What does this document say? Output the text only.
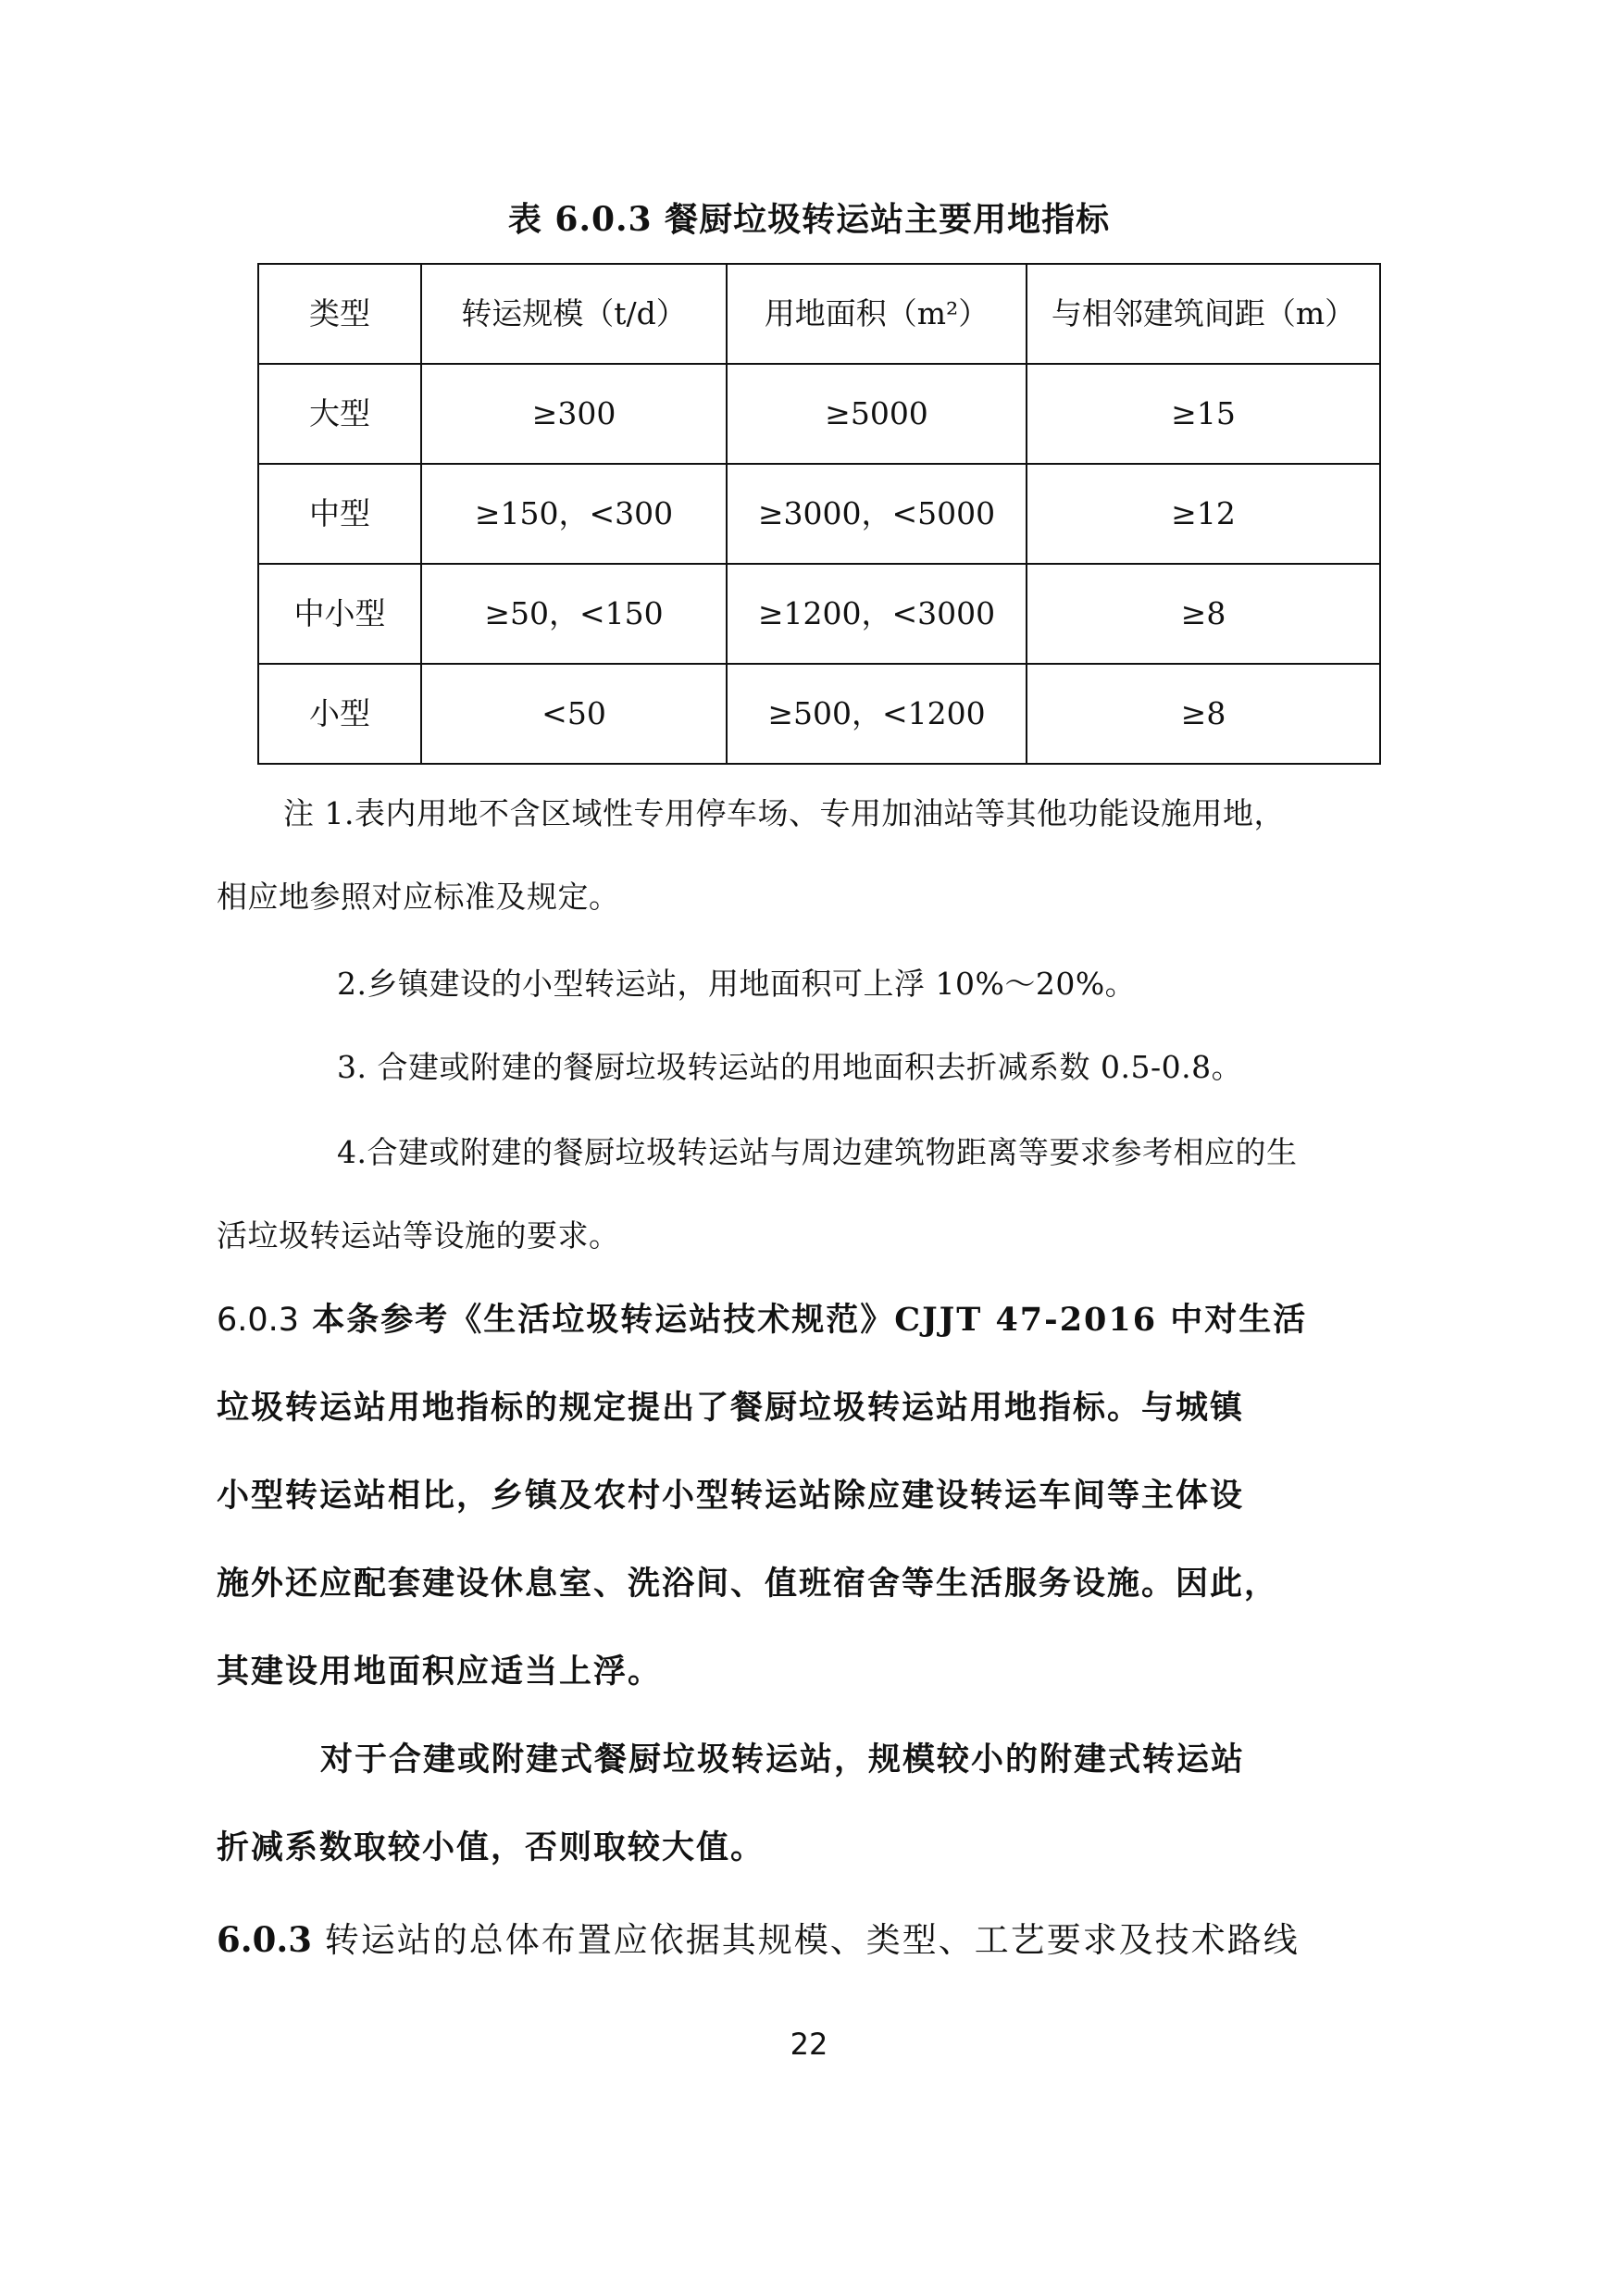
表 6.0.3 餐厨垃圾转运站主要用地指标
类型	转运规模（t/d）	用地面积（m²）	与相邻建筑间距（m）
大型	≥300	≥5000	≥15
中型	≥150，<300	≥3000，<5000	≥12
中小型	≥50，<150	≥1200，<3000	≥8
小型	<50	≥500，<1200	≥8
注 1.表内用地不含区域性专用停车场、专用加油站等其他功能设施用地，
相应地参照对应标准及规定。
2.乡镇建设的小型转运站，用地面积可上浮 10%～20%。
3. 合建或附建的餐厨垃圾转运站的用地面积去折减系数 0.5-0.8。
4.合建或附建的餐厨垃圾转运站与周边建筑物距离等要求参考相应的生
活垃圾转运站等设施的要求。
6.0.3 本条参考《生活垃圾转运站技术规范》CJJT 47-2016 中对生活
垃圾转运站用地指标的规定提出了餐厨垃圾转运站用地指标。与城镇
小型转运站相比，乡镇及农村小型转运站除应建设转运车间等主体设
施外还应配套建设休息室、洗浴间、值班宿舍等生活服务设施。因此，
其建设用地面积应适当上浮。
对于合建或附建式餐厨垃圾转运站，规模较小的附建式转运站
折减系数取较小值，否则取较大值。
6.0.3 转运站的总体布置应依据其规模、类型、工艺要求及技术路线
22
